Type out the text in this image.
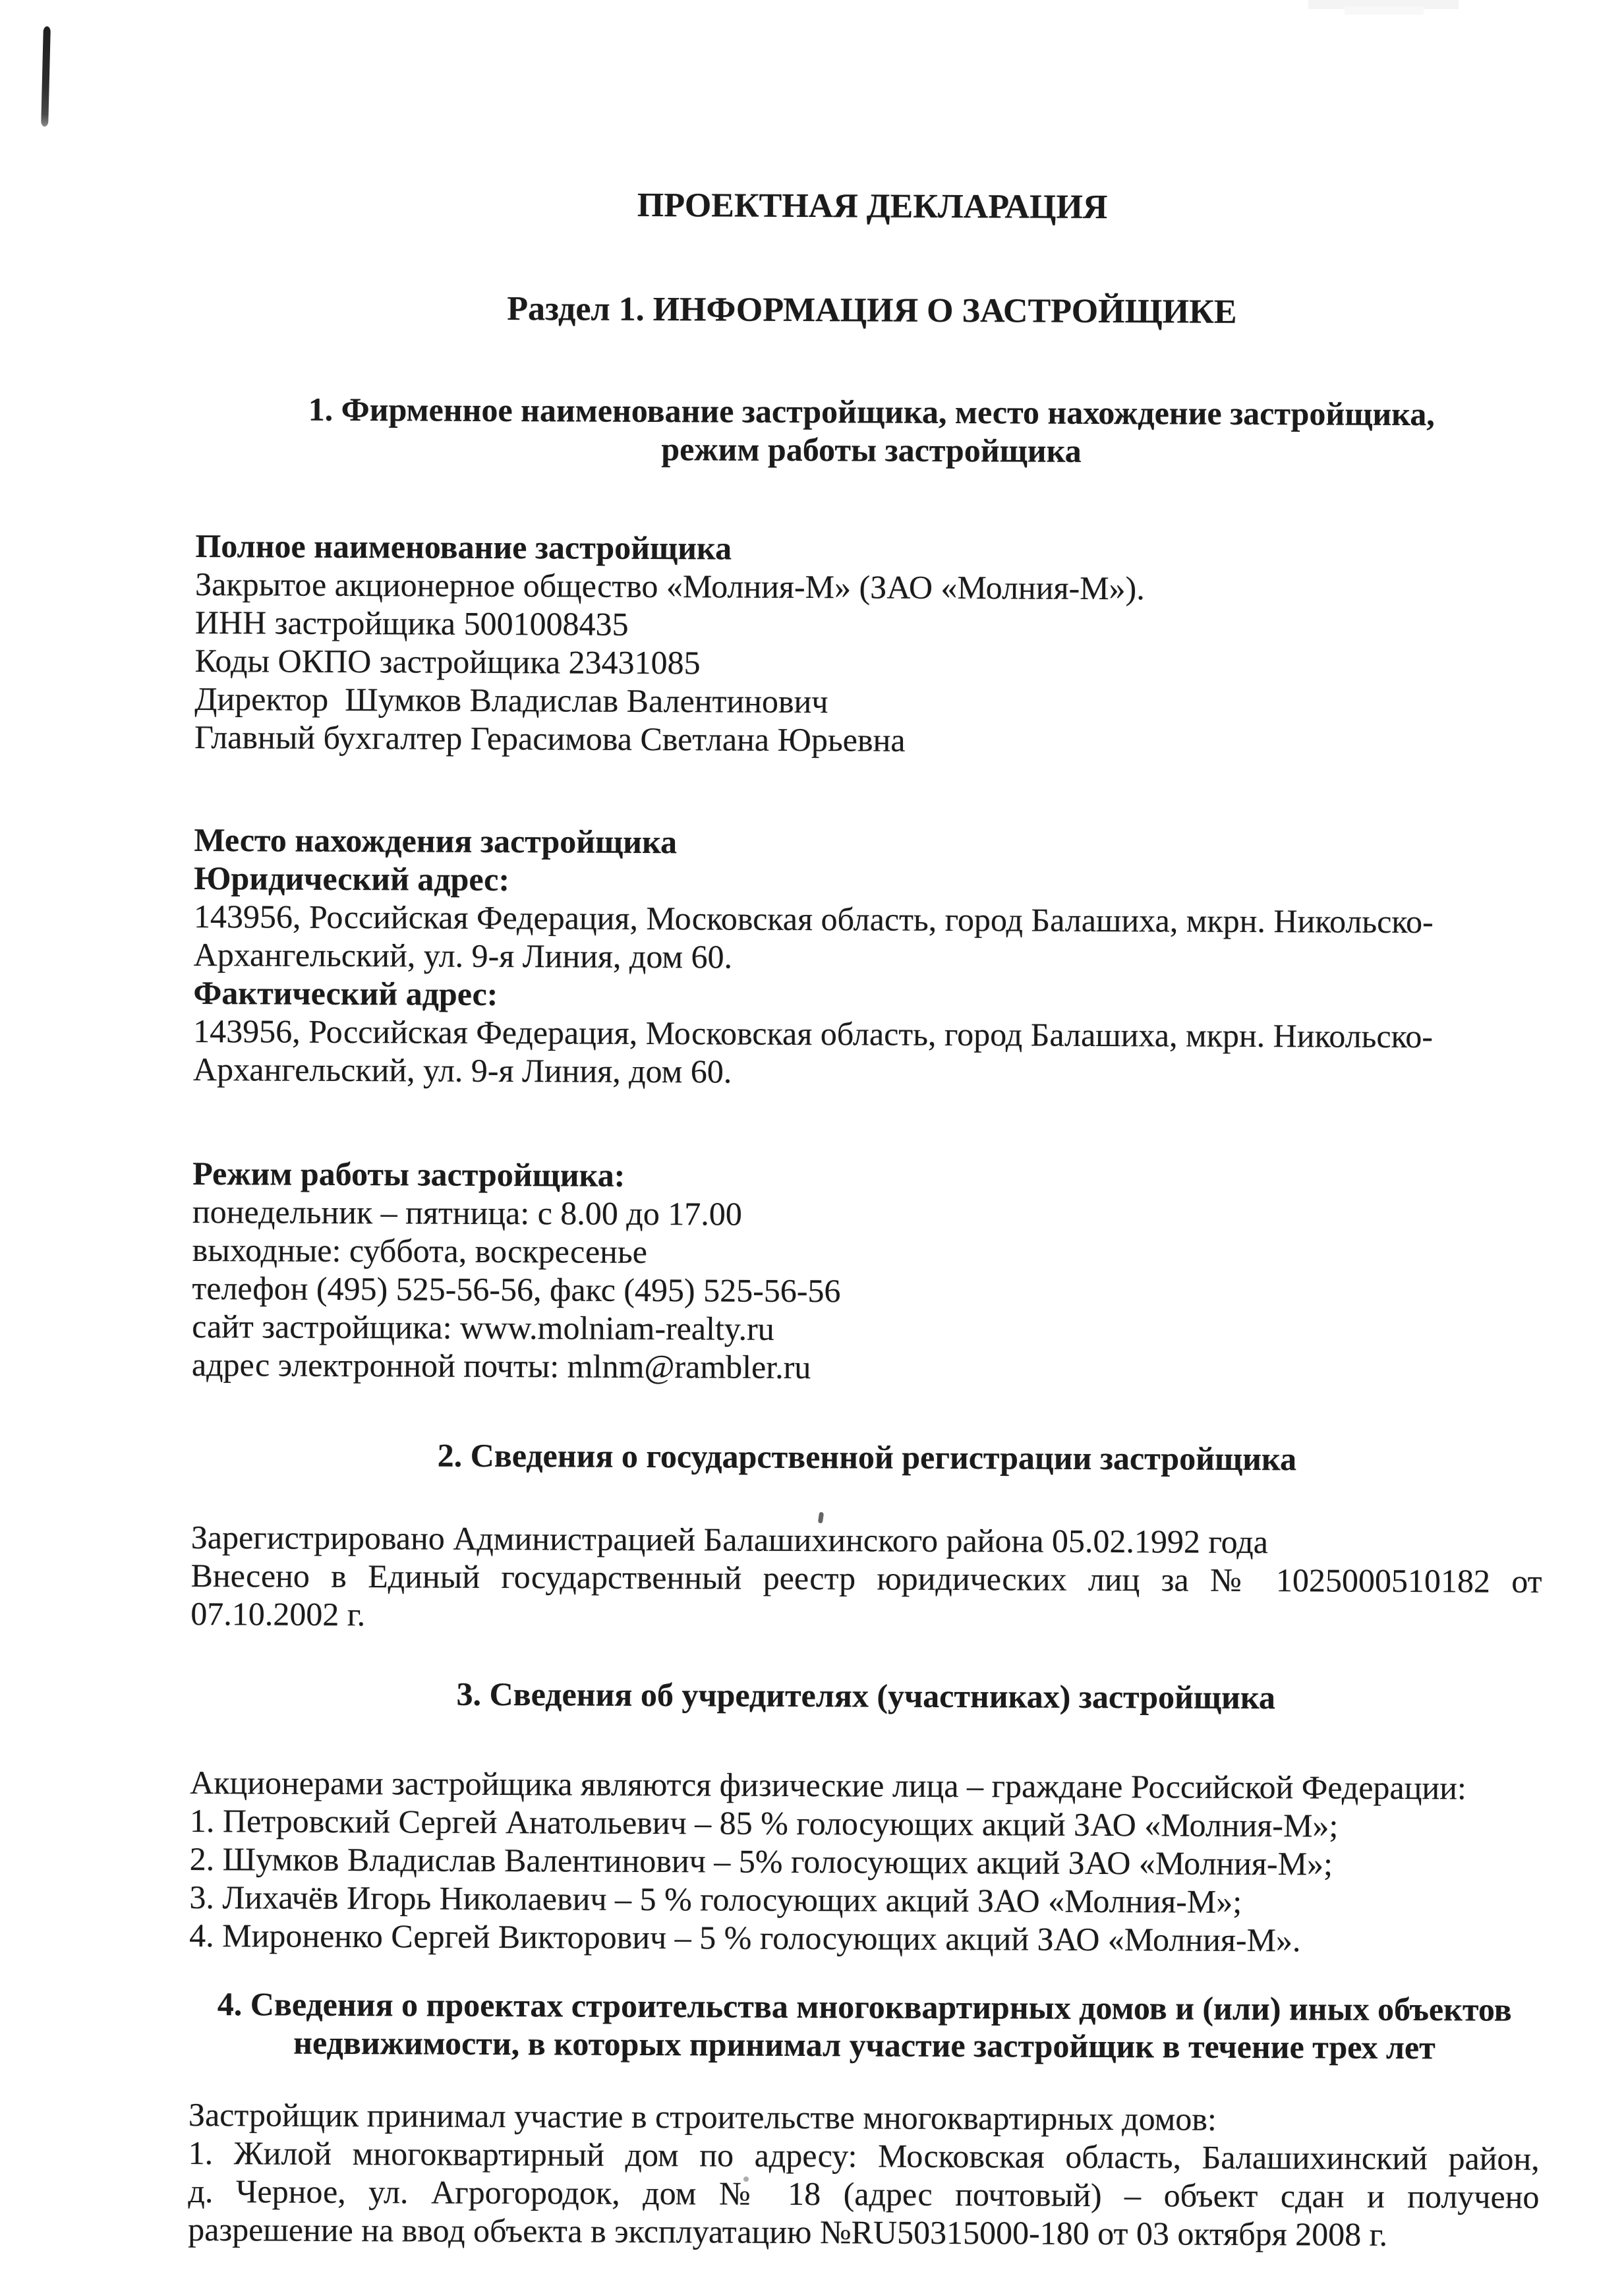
ПРОЕКТНАЯ ДЕКЛАРАЦИЯ

Раздел 1. ИНФОРМАЦИЯ О ЗАСТРОЙЩИКЕ

1. Фирменное наименование застройщика, место нахождение застройщика,
режим работы застройщика

Полное наименование застройщика

Закрытое акционерное общество «Молния-М» (ЗАО «Молния-М»).

ИНН застройщика 5001008435

Коды ОКПО застройщика 23431085

Директор  Шумков Владислав Валентинович

Главный бухгалтер Герасимова Светлана Юрьевна

Место нахождения застройщика

Юридический адрес:

143956, Российская Федерация, Московская область, город Балашиха, мкрн. Никольско-

Архангельский, ул. 9-я Линия, дом 60.

Фактический адрес:

143956, Российская Федерация, Московская область, город Балашиха, мкрн. Никольско-

Архангельский, ул. 9-я Линия, дом 60.

Режим работы застройщика:

понедельник – пятница: с 8.00 до 17.00

выходные: суббота, воскресенье

телефон (495) 525-56-56, факс (495) 525-56-56

сайт застройщика: www.molniam-realty.ru

адрес электронной почты: mlnm@rambler.ru

2. Сведения о государственной регистрации застройщика

Зарегистрировано Администрацией Балашихинского района 05.02.1992 года

Внесено в Единый государственный реестр юридических лиц за № 1025000510182 от

07.10.2002 г.

3. Сведения об учредителях (участниках) застройщика

Акционерами застройщика являются физические лица – граждане Российской Федерации:

1. Петровский Сергей Анатольевич – 85 % голосующих акций ЗАО «Молния-М»;

2. Шумков Владислав Валентинович – 5% голосующих акций ЗАО «Молния-М»;

3. Лихачёв Игорь Николаевич – 5 % голосующих акций ЗАО «Молния-М»;

4. Мироненко Сергей Викторович – 5 % голосующих акций ЗАО «Молния-М».

4. Сведения о проектах строительства многоквартирных домов и (или) иных объектов
недвижимости, в которых принимал участие застройщик в течение трех лет

Застройщик принимал участие в строительстве многоквартирных домов:

1. Жилой многоквартирный дом по адресу: Московская область, Балашихинский район,

д. Черное, ул. Агрогородок, дом № 18 (адрес почтовый) – объект сдан и получено

разрешение на ввод объекта в эксплуатацию №RU50315000-180 от 03 октября 2008 г.
